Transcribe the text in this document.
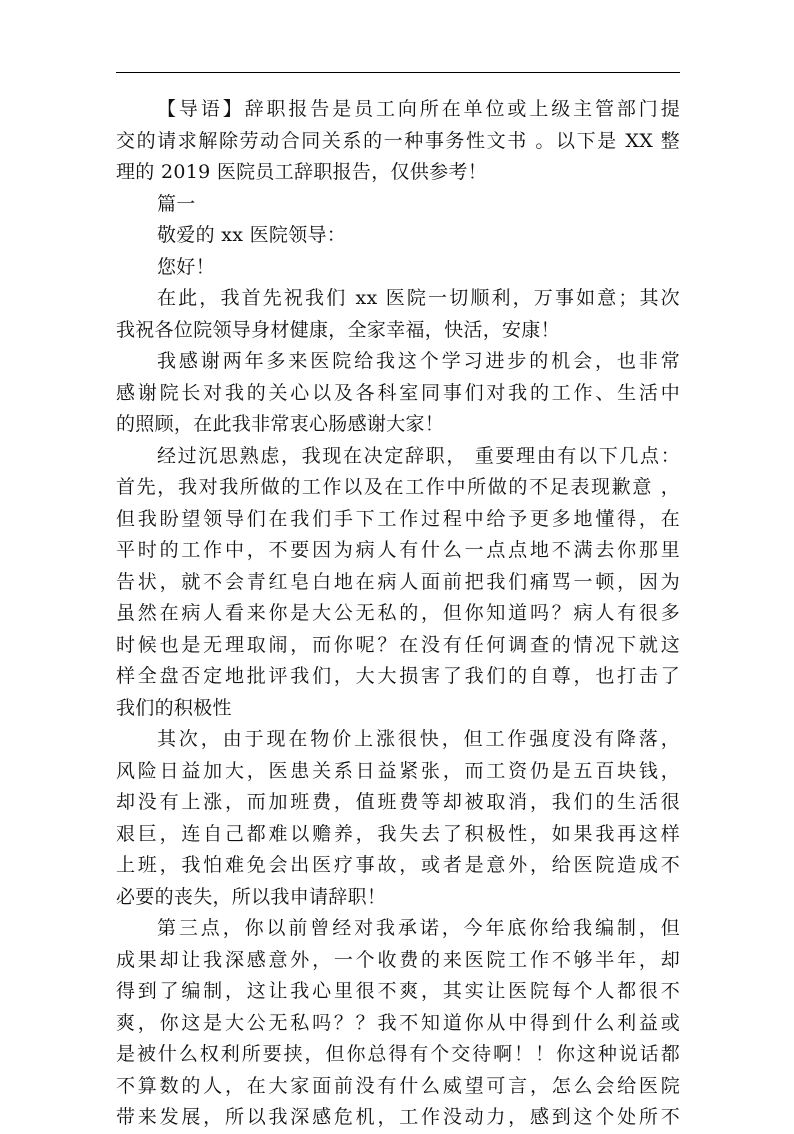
【导语】辞职报告是员工向所在单位或上级主管部门提
交的请求解除劳动合同关系的一种事务性文书 。以下是 XX 整
理的 2019 医院员工辞职报告，仅供参考！
篇一
敬爱的 xx 医院领导：
您好！
在此，我首先祝我们 xx 医院一切顺利，万事如意；其次
我祝各位院领导身材健康，全家幸福，快活，安康！
我感谢两年多来医院给我这个学习进步的机会，也非常
感谢院长对我的关心以及各科室同事们对我的工作、生活中
的照顾，在此我非常衷心肠感谢大家！
经过沉思熟虑，我现在决定辞职， 重要理由有以下几点：
首先，我对我所做的工作以及在工作中所做的不足表现歉意 ，
但我盼望领导们在我们手下工作过程中给予更多地懂得，在
平时的工作中，不要因为病人有什么一点点地不满去你那里
告状，就不会青红皂白地在病人面前把我们痛骂一顿，因为
虽然在病人看来你是大公无私的，但你知道吗？病人有很多
时候也是无理取闹，而你呢？在没有任何调查的情况下就这
样全盘否定地批评我们，大大损害了我们的自尊，也打击了
我们的积极性
其次，由于现在物价上涨很快，但工作强度没有降落，
风险日益加大，医患关系日益紧张，而工资仍是五百块钱，
却没有上涨，而加班费，值班费等却被取消，我们的生活很
艰巨，连自己都难以赡养，我失去了积极性，如果我再这样
上班，我怕难免会出医疗事故，或者是意外，给医院造成不
必要的丧失，所以我申请辞职！
第三点，你以前曾经对我承诺，今年底你给我编制，但
成果却让我深感意外，一个收费的来医院工作不够半年，却
得到了编制，这让我心里很不爽，其实让医院每个人都很不
爽，你这是大公无私吗？？我不知道你从中得到什么利益或
是被什么权利所要挟，但你总得有个交待啊！！你这种说话都
不算数的人，在大家面前没有什么威望可言，怎么会给医院
带来发展，所以我深感危机，工作没动力，感到这个处所不
